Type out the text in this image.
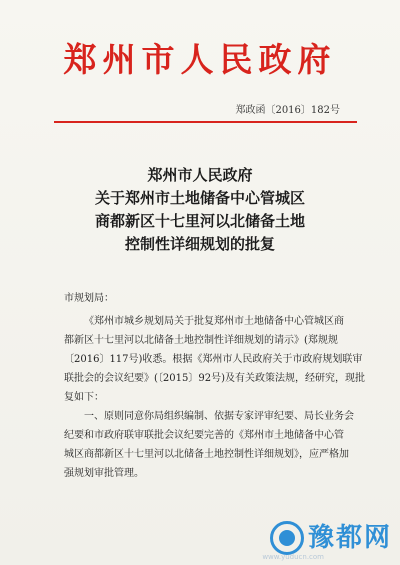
郑州市人民政府
郑政函〔2016〕182号
郑州市人民政府
关于郑州市土地储备中心管城区
商都新区十七里河以北储备土地
控制性详细规划的批复
市规划局：
《郑州市城乡规划局关于批复郑州市土地储备中心管城区商
都新区十七里河以北储备土地控制性详细规划的请示》(郑规规
〔2016〕117号)收悉。根据《郑州市人民政府关于市政府规划联审
联批会的会议纪要》(〔2015〕92号)及有关政策法规，经研究，现批
复如下：
一、原则同意你局组织编制、依据专家评审纪要、局长业务会
纪要和市政府联审联批会议纪要完善的《郑州市土地储备中心管
城区商都新区十七里河以北储备土地控制性详细规划》，应严格加
强规划审批管理。
豫都网
www.yuducn.com
